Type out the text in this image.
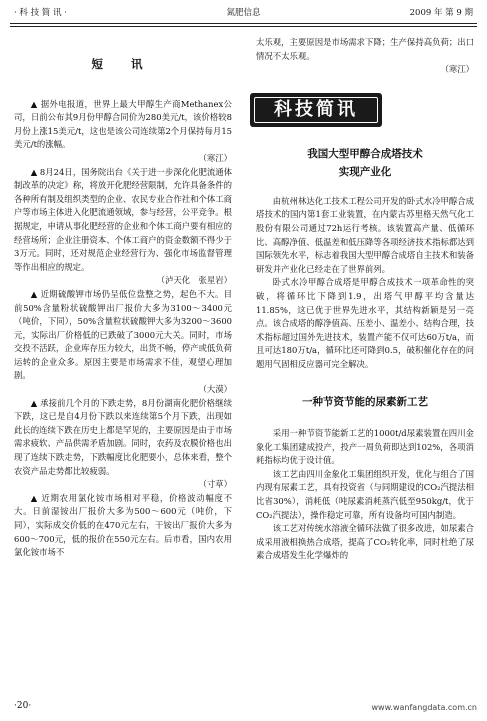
· 科 技 简 讯 ·	氮肥信息	2009 年 第 9 期
短 讯

▲ 据外电报道，世界上最大甲醇生产商Methanex公司，日前公布其9月份甲醇合同价为280美元/t，该价格较8月份上涨15美元/t，这也是该公司连续第2个月保持每月15美元/t的涨幅。

（寒江）

▲ 8月24日，国务院出台《关于进一步深化化肥流通体制改革的决定》称，将放开化肥经营限制，允许具备条件的各种所有制及组织类型的企业、农民专业合作社和个体工商户等市场主体进入化肥流通领域，参与经营，公平竞争。根据规定，申请从事化肥经营的企业和个体工商户要有相应的经营场所；企业注册资本、个体工商户的资金数额不得少于3万元。同时，还对规范企业经营行为、强化市场监督管理等作出相应的规定。

（泸天化　张星岩）

▲ 近期硫酸钾市场仍呈低位盘整之势，起色不大。目前50%含量粉状硫酸钾出厂报价大多为3100～3400元（吨价，下同），50%含量粒状硫酸钾大多为3200～3600元，实际出厂价格低的已跌破了3000元大关。同时，市场交投不活跃，企业库存压力较大，出货不畅，停产或低负荷运转的企业众多。原因主要是市场需求不佳，观望心理加剧。

（大漠）

▲ 承接前几个月的下跌走势，8月份湖南化肥价格继续下跌，这已是自4月份下跌以来连续第5个月下跌，出现如此长的连续下跌在历史上都是罕见的，主要原因是由于市场需求疲软、产品供需矛盾加剧。同时，农药及农膜价格也出现了连续下跌走势，下跌幅度比化肥要小，总体来看，整个农资产品走势都比较疲弱。

（寸草）

▲ 近期农用氯化铵市场相对平稳，价格波动幅度不大。日前湿铵出厂报价大多为500～600元（吨价，下同），实际成交价低的在470元左右，干铵出厂报价大多为600～700元，低的报价在550元左右。后市看，国内农用氯化铵市场不

太乐观，主要原因是市场需求下降；生产保持高负荷；出口情况不太乐观。

（寒江）

科技简讯
我国大型甲醇合成塔技术
实现产业化

由杭州林达化工技术工程公司开发的卧式水冷甲醇合成塔技术的国内第1套工业装置，在内蒙古苏里格天然气化工股份有限公司通过72h运行考核。该装置高产量、低循环比、高醇净值、低温差和低压降等各项经济技术指标都达到国际领先水平，标志着我国大型甲醇合成塔自主技术和装备研发并产业化已经走在了世界前列。

卧式水冷甲醇合成塔是甲醇合成技术一项革命性的突破，将循环比下降到1.9，出塔气甲醇平均含量达11.85%，这已优于世界先进水平，其结构新颖是另一亮点。该合成塔的醇净值高、压差小、温差小、结构合理，技术指标超过国外先进技术，装置产能不仅可达60万t/a，而且可达180万t/a，循环比还可降到0.5，破积催化存在的问题用气固相反应器可完全解决。

一种节资节能的尿素新工艺

采用一种节资节能新工艺的1000t/d尿素装置在四川金象化工集团建成投产，投产一周负荷即达到102%，各项消耗指标均优于设计值。

该工艺由四川金象化工集团组织开发，优化与组合了国内现有尿素工艺，具有投资省（与同期建设的CO₂汽提法相比省30%），消耗低（吨尿素消耗蒸汽低至950kg/t，优于CO₂汽提法），操作稳定可靠，所有设备均可国内制造。

该工艺对传统水溶液全循环法做了很多改进，如尿素合成采用液相换热合成塔，提高了CO₂转化率，同时杜绝了尿素合成塔发生化学爆炸的

·20·	www.wanfangdata.com.cn
